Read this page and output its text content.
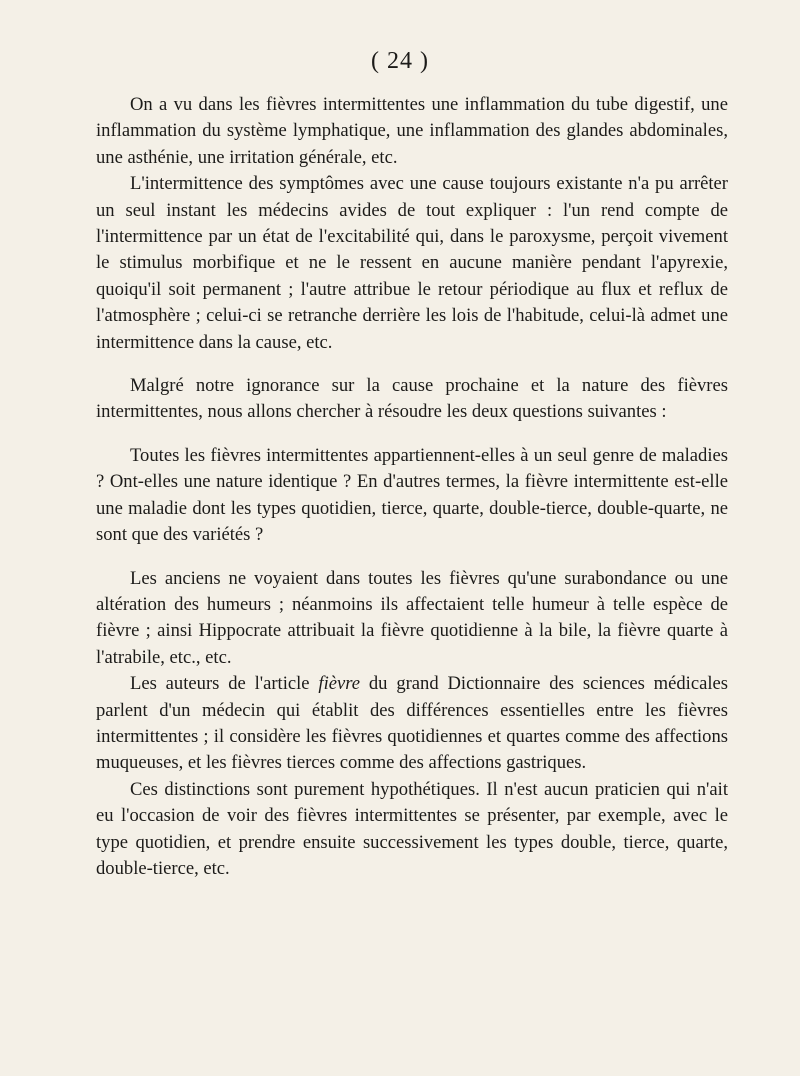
( 24 )

On a vu dans les fièvres intermittentes une inflammation du tube digestif, une inflammation du système lymphatique, une inflammation des glandes abdominales, une asthénie, une irritation générale, etc.

L'intermittence des symptômes avec une cause toujours existante n'a pu arrêter un seul instant les médecins avides de tout expliquer : l'un rend compte de l'intermittence par un état de l'excitabilité qui, dans le paroxysme, perçoit vivement le stimulus morbifique et ne le ressent en aucune manière pendant l'apyrexie, quoiqu'il soit permanent ; l'autre attribue le retour périodique au flux et reflux de l'atmosphère ; celui-ci se retranche derrière les lois de l'habitude, celui-là admet une intermittence dans la cause, etc.

Malgré notre ignorance sur la cause prochaine et la nature des fièvres intermittentes, nous allons chercher à résoudre les deux questions suivantes :

Toutes les fièvres intermittentes appartiennent-elles à un seul genre de maladies ? Ont-elles une nature identique ? En d'autres termes, la fièvre intermittente est-elle une maladie dont les types quotidien, tierce, quarte, double-tierce, double-quarte, ne sont que des variétés ?

Les anciens ne voyaient dans toutes les fièvres qu'une surabondance ou une altération des humeurs ; néanmoins ils affectaient telle humeur à telle espèce de fièvre ; ainsi Hippocrate attribuait la fièvre quotidienne à la bile, la fièvre quarte à l'atrabile, etc., etc.

Les auteurs de l'article fièvre du grand Dictionnaire des sciences médicales parlent d'un médecin qui établit des différences essentielles entre les fièvres intermittentes ; il considère les fièvres quotidiennes et quartes comme des affections muqueuses, et les fièvres tierces comme des affections gastriques.

Ces distinctions sont purement hypothétiques. Il n'est aucun praticien qui n'ait eu l'occasion de voir des fièvres intermittentes se présenter, par exemple, avec le type quotidien, et prendre ensuite successivement les types double, tierce, quarte, double-tierce, etc.
